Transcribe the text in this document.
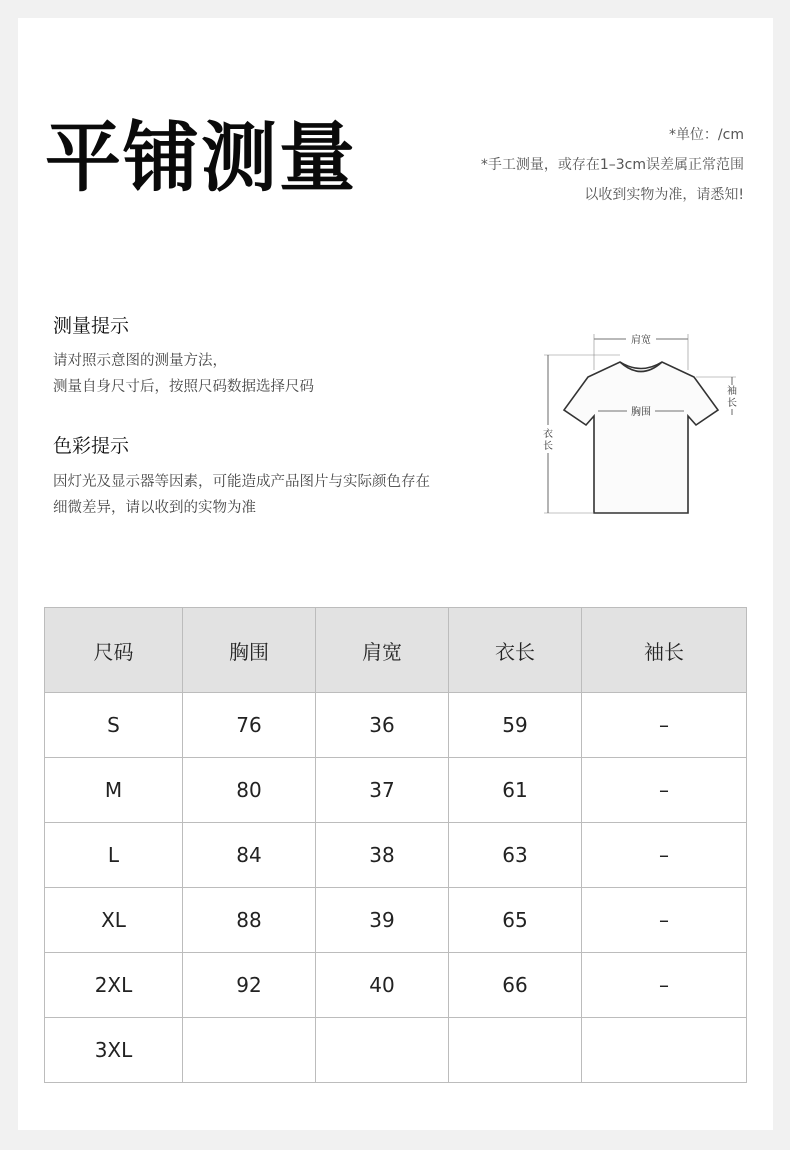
平铺测量	*单位：/cm
*手工测量，或存在1–3cm误差属正常范围
以收到实物为准，请悉知!
测量提示
请对照示意图的测量方法，
测量自身尺寸后，按照尺码数据选择尺码
色彩提示
因灯光及显示器等因素，可能造成产品图片与实际颜色存在
细微差异，请以收到的实物为准
肩宽
胸围
袖
长
衣
长
尺码	胸围	肩宽	衣长	袖长
S	76	36	59	–
M	80	37	61	–
L	84	38	63	–
XL	88	39	65	–
2XL	92	40	66	–
3XL				
